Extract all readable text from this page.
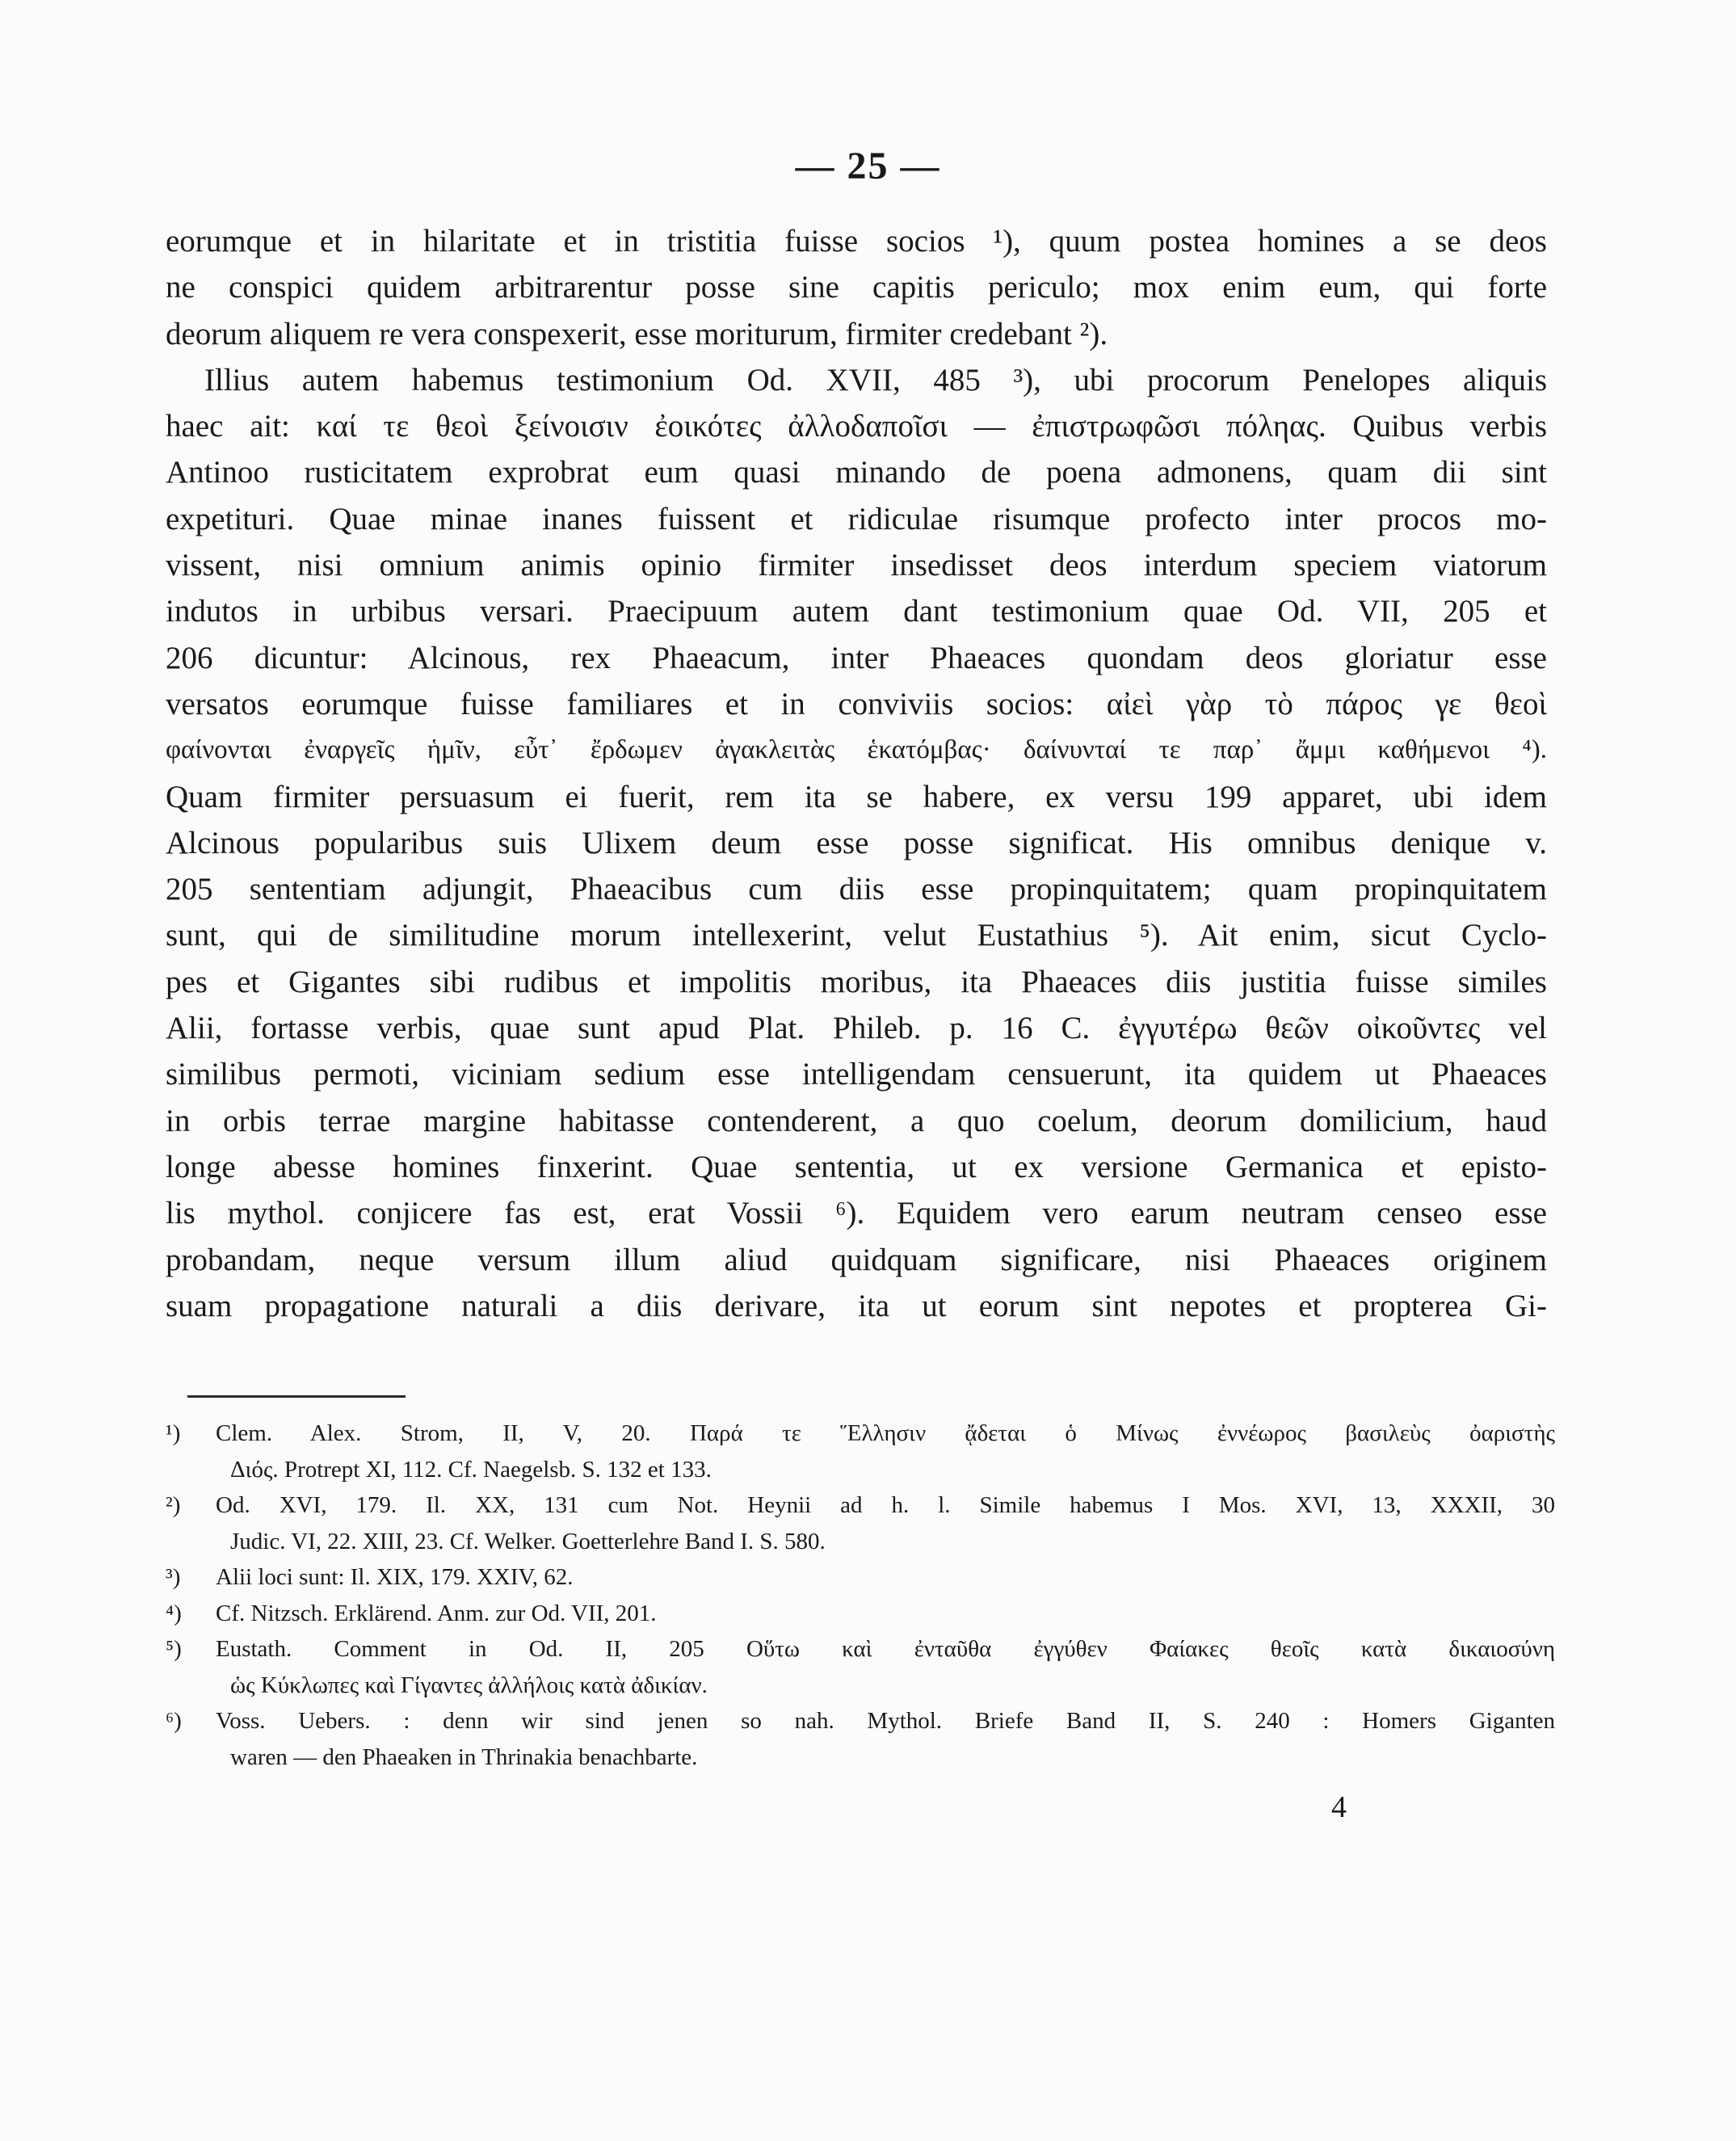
— 25 —
eorumque et in hilaritate et in tristitia fuisse socios ¹), quum postea homines a se deos
ne conspici quidem arbitrarentur posse sine capitis periculo; mox enim eum, qui forte
deorum aliquem re vera conspexerit, esse moriturum, firmiter credebant ²).
Illius autem habemus testimonium Od. XVII, 485 ³), ubi procorum Penelopes aliquis
haec ait: καί τε θεοὶ ξείνοισιν ἐοικότες ἀλλοδαποῖσι — ἐπιστρωφῶσι πόληας. Quibus verbis
Antinoo rusticitatem exprobrat eum quasi minando de poena admonens, quam dii sint
expetituri. Quae minae inanes fuissent et ridiculae risumque profecto inter procos mo-
vissent, nisi omnium animis opinio firmiter insedisset deos interdum speciem viatorum
indutos in urbibus versari. Praecipuum autem dant testimonium quae Od. VII, 205 et
206 dicuntur: Alcinous, rex Phaeacum, inter Phaeaces quondam deos gloriatur esse
versatos eorumque fuisse familiares et in conviviis socios: αἰεὶ γὰρ τὸ πάρος γε θεοὶ
φαίνονται ἐναργεῖς ἡμῖν, εὖτ᾽ ἔρδωμεν ἀγακλειτὰς ἑκατόμβας· δαίνυνταί τε παρ᾽ ἄμμι καθήμενοι ⁴).
Quam firmiter persuasum ei fuerit, rem ita se habere, ex versu 199 apparet, ubi idem
Alcinous popularibus suis Ulixem deum esse posse significat. His omnibus denique v.
205 sententiam adjungit, Phaeacibus cum diis esse propinquitatem; quam propinquitatem
sunt, qui de similitudine morum intellexerint, velut Eustathius ⁵). Ait enim, sicut Cyclo-
pes et Gigantes sibi rudibus et impolitis moribus, ita Phaeaces diis justitia fuisse similes
Alii, fortasse verbis, quae sunt apud Plat. Phileb. p. 16 C. ἐγγυτέρω θεῶν οἰκοῦντες vel
similibus permoti, viciniam sedium esse intelligendam censuerunt, ita quidem ut Phaeaces
in orbis terrae margine habitasse contenderent, a quo coelum, deorum domilicium, haud
longe abesse homines finxerint. Quae sententia, ut ex versione Germanica et episto-
lis mythol. conjicere fas est, erat Vossii ⁶). Equidem vero earum neutram censeo esse
probandam, neque versum illum aliud quidquam significare, nisi Phaeaces originem
suam propagatione naturali a diis derivare, ita ut eorum sint nepotes et propterea Gi-
¹) Clem. Alex. Strom, II, V, 20. Παρά τε Ἕλλησιν ᾄδεται ὁ Μίνως ἐννέωρος βασιλεὺς ὀαριστὴς
Διός. Protrept XI, 112. Cf. Naegelsb. S. 132 et 133.
²) Od. XVI, 179. Il. XX, 131 cum Not. Heynii ad h. l. Simile habemus I Mos. XVI, 13, XXXII, 30
Judic. VI, 22. XIII, 23. Cf. Welker. Goetterlehre Band I. S. 580.
³) Alii loci sunt: Il. XIX, 179. XXIV, 62.
⁴) Cf. Nitzsch. Erklärend. Anm. zur Od. VII, 201.
⁵) Eustath. Comment in Od. II, 205 Οὕτω καὶ ἐνταῦθα ἐγγύθεν Φαίακες θεοῖς κατὰ δικαιοσύνη
ὡς Κύκλωπες καὶ Γίγαντες ἀλλήλοις κατὰ ἀδικίαν.
⁶) Voss. Uebers. : denn wir sind jenen so nah. Mythol. Briefe Band II, S. 240 : Homers Giganten
waren — den Phaeaken in Thrinakia benachbarte.
4
